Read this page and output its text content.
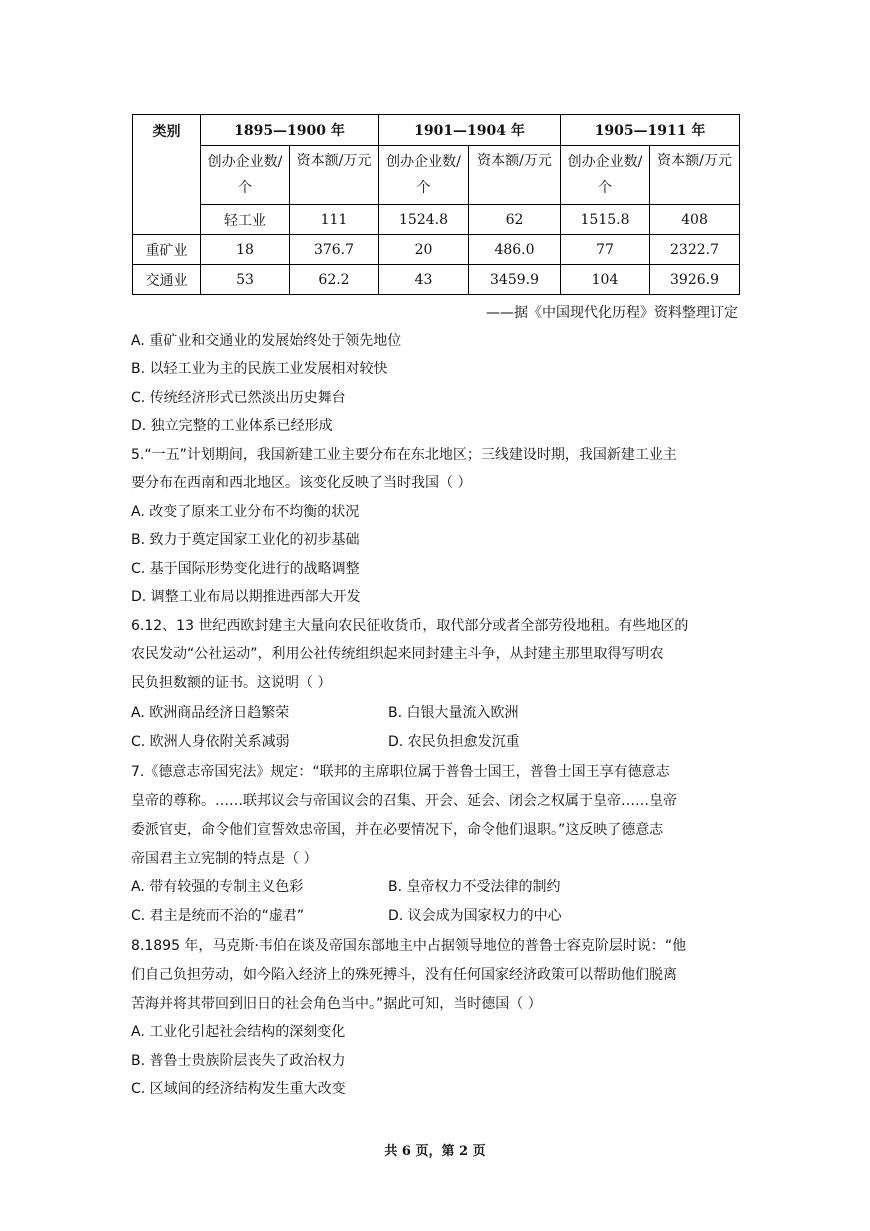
类别	1895—1900 年		1901—1904 年		1905—1911 年		
	创办企业数/
个	资本额/万元	创办企业数/
个	资本额/万元	创办企业数/
个	资本额/万元	
	轻工业	111	1524.8	62	1515.8	408	
重矿业	18	376.7	20	486.0	77	2322.7	
交通业	53	62.2	43	3459.9	104	3926.9	
——据《中国现代化历程》资料整理订定
A. 重矿业和交通业的发展始终处于领先地位
B. 以轻工业为主的民族工业发展相对较快
C. 传统经济形式已然淡出历史舞台
D. 独立完整的工业体系已经形成
5.“一五”计划期间，我国新建工业主要分布在东北地区；三线建设时期，我国新建工业主
要分布在西南和西北地区。该变化反映了当时我国（ ）
A. 改变了原来工业分布不均衡的状况
B. 致力于奠定国家工业化的初步基础
C. 基于国际形势变化进行的战略调整
D. 调整工业布局以期推进西部大开发
6.12、13 世纪西欧封建主大量向农民征收货币，取代部分或者全部劳役地租。有些地区的
农民发动“公社运动”，利用公社传统组织起来同封建主斗争，从封建主那里取得写明农
民负担数额的证书。这说明（ ）
A. 欧洲商品经济日趋繁荣	B. 白银大量流入欧洲
C. 欧洲人身依附关系减弱	D. 农民负担愈发沉重
7.《德意志帝国宪法》规定：“联邦的主席职位属于普鲁士国王，普鲁士国王享有德意志
皇帝的尊称。……联邦议会与帝国议会的召集、开会、延会、闭会之权属于皇帝……皇帝
委派官吏，命令他们宣誓效忠帝国，并在必要情况下，命令他们退职。”这反映了德意志
帝国君主立宪制的特点是（ ）
A. 带有较强的专制主义色彩	B. 皇帝权力不受法律的制约
C. 君主是统而不治的“虚君”	D. 议会成为国家权力的中心
8.1895 年，马克斯·韦伯在谈及帝国东部地主中占据领导地位的普鲁士容克阶层时说：“他
们自己负担劳动，如今陷入经济上的殊死搏斗，没有任何国家经济政策可以帮助他们脱离
苦海并将其带回到旧日的社会角色当中。”据此可知，当时德国（ ）
A. 工业化引起社会结构的深刻变化
B. 普鲁士贵族阶层丧失了政治权力
C. 区域间的经济结构发生重大改变
共 6 页，第 2 页
